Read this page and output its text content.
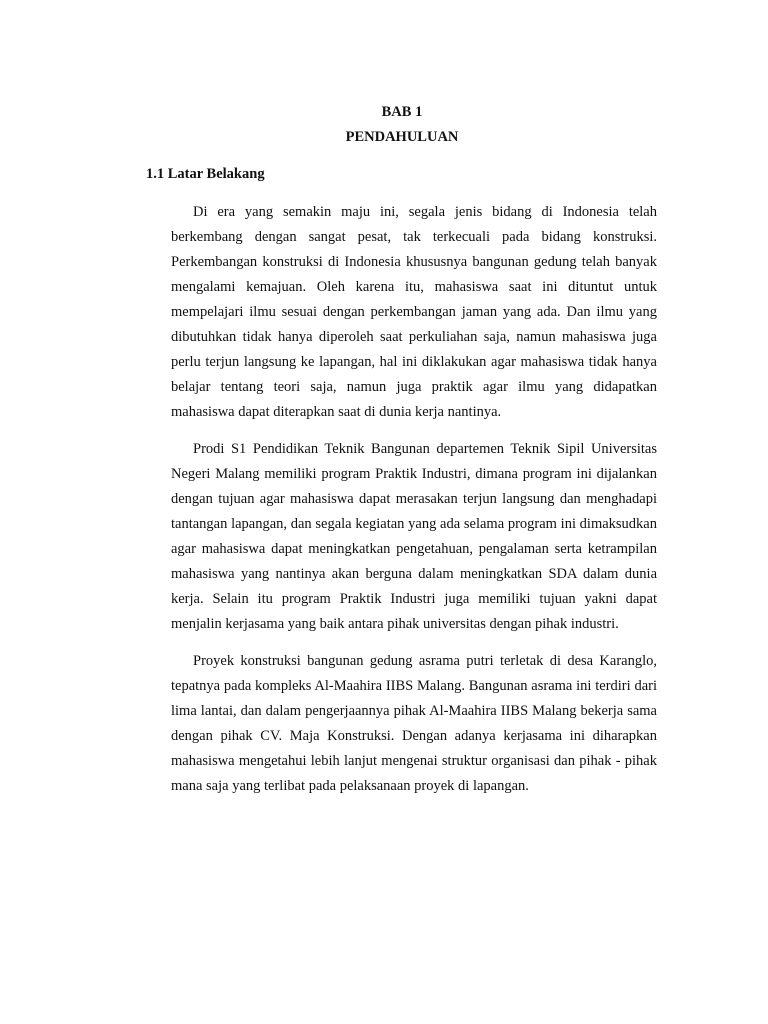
BAB 1
PENDAHULUAN
1.1 Latar Belakang

Di era yang semakin maju ini, segala jenis bidang di Indonesia telah berkembang dengan sangat pesat, tak terkecuali pada bidang konstruksi. Perkembangan konstruksi di Indonesia khususnya bangunan gedung telah banyak mengalami kemajuan. Oleh karena itu, mahasiswa saat ini dituntut untuk mempelajari ilmu sesuai dengan perkembangan jaman yang ada. Dan ilmu yang dibutuhkan tidak hanya diperoleh saat perkuliahan saja, namun mahasiswa juga perlu terjun langsung ke lapangan, hal ini diklakukan agar mahasiswa tidak hanya belajar tentang teori saja, namun juga praktik agar ilmu yang didapatkan mahasiswa dapat diterapkan saat di dunia kerja nantinya.

Prodi S1 Pendidikan Teknik Bangunan departemen Teknik Sipil Universitas Negeri Malang memiliki program Praktik Industri, dimana program ini dijalankan dengan tujuan agar mahasiswa dapat merasakan terjun langsung dan menghadapi tantangan lapangan, dan segala kegiatan yang ada selama program ini dimaksudkan agar mahasiswa dapat meningkatkan pengetahuan, pengalaman serta ketrampilan mahasiswa yang nantinya akan berguna dalam meningkatkan SDA dalam dunia kerja. Selain itu program Praktik Industri juga memiliki tujuan yakni dapat menjalin kerjasama yang baik antara pihak universitas dengan pihak industri.

Proyek konstruksi bangunan gedung asrama putri terletak di desa Karanglo, tepatnya pada kompleks Al-Maahira IIBS Malang. Bangunan asrama ini terdiri dari lima lantai, dan dalam pengerjaannya pihak Al-Maahira IIBS Malang bekerja sama dengan pihak CV. Maja Konstruksi. Dengan adanya kerjasama ini diharapkan mahasiswa mengetahui lebih lanjut mengenai struktur organisasi dan pihak - pihak mana saja yang terlibat pada pelaksanaan proyek di lapangan.
